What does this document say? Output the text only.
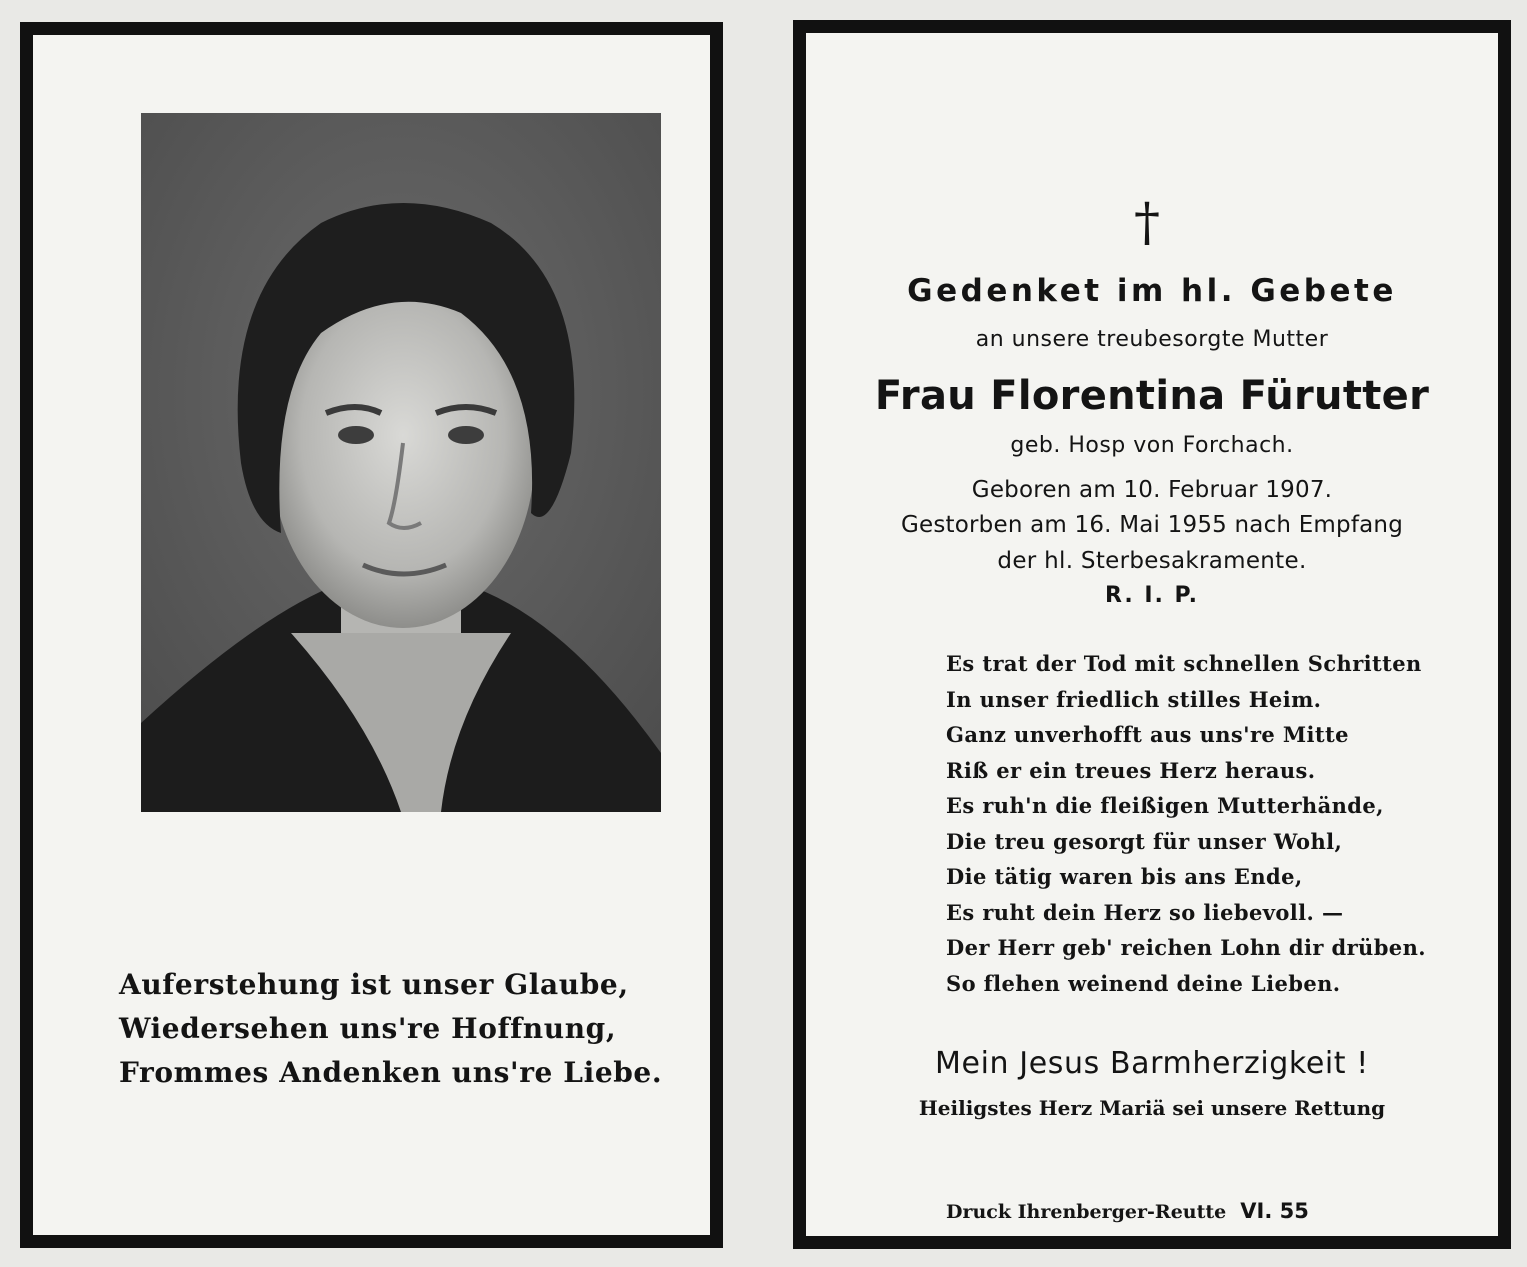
Auferstehung ist unser Glaube,
Wiedersehen uns're Hoffnung,
Frommes Andenken uns're Liebe.
†
Gedenket im hl. Gebete
an unsere treubesorgte Mutter
Frau Florentina Fürutter
geb. Hosp von Forchach.
Geboren am 10. Februar 1907.
Gestorben am 16. Mai 1955 nach Empfang
der hl. Sterbesakramente.
R. I. P.
Es trat der Tod mit schnellen Schritten
In unser friedlich stilles Heim.
Ganz unverhofft aus uns're Mitte
Riß er ein treues Herz heraus.
Es ruh'n die fleißigen Mutterhände,
Die treu gesorgt für unser Wohl,
Die tätig waren bis ans Ende,
Es ruht dein Herz so liebevoll. —
Der Herr geb' reichen Lohn dir drüben.
So flehen weinend deine Lieben.
Mein Jesus Barmherzigkeit !
Heiligstes Herz Mariä sei unsere Rettung
Druck Ihrenberger-Reutte VI. 55
